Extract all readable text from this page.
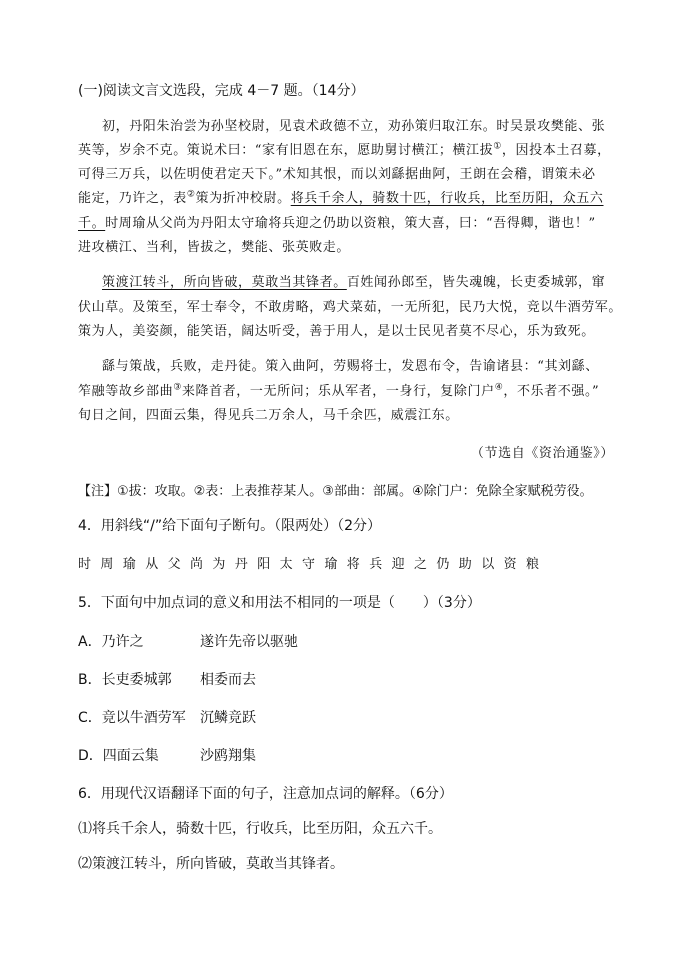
(一)阅读文言文选段，完成 4－7 题。（14分）
初，丹阳朱治尝为孙坚校尉，见袁术政德不立，劝孙策归取江东。时吴景攻樊能、张
英等，岁余不克。策说术曰：“家有旧恩在东，愿助舅讨横江；横江拔①，因投本土召募，
可得三万兵，以佐明使君定天下。”术知其恨，而以刘繇据曲阿，王朗在会稽，谓策未必
能定，乃许之，表②策为折冲校尉。将兵千余人，骑数十匹，行收兵，比至历阳，众五六
千。时周瑜从父尚为丹阳太守瑜将兵迎之仍助以资粮，策大喜，曰：“吾得卿，谐也！”
进攻横江、当利，皆拔之，樊能、张英败走。
策渡江转斗，所向皆破，莫敢当其锋者。百姓闻孙郎至，皆失魂魄，长吏委城郭，窜
伏山草。及策至，军士奉令，不敢虏略，鸡犬菜茹，一无所犯，民乃大悦，竞以牛酒劳军。
策为人，美姿颜，能笑语，阔达听受，善于用人，是以士民见者莫不尽心，乐为致死。
繇与策战，兵败，走丹徒。策入曲阿，劳赐将士，发恩布令，告谕诸县：“其刘繇、
笮融等故乡部曲③来降首者，一无所问；乐从军者，一身行，复除门户④，不乐者不强。”
旬日之间，四面云集，得见兵二万余人，马千余匹，威震江东。
（节选自《资治通鉴》）
【注】①拔：攻取。②表：上表推荐某人。③部曲：部属。④除门户：免除全家赋税劳役。
4．用斜线“/”给下面句子断句。（限两处）（2分）
时周瑜从父尚为丹阳太守瑜将兵迎之仍助以资粮
5．下面句中加点词的意义和用法不相同的一项是（　　）（3分）
A．乃许之	遂许先帝以驱驰
B．长吏委城郭 相委而去
C．竞以牛酒劳军 沉鳞竞跃
D．四面云集	沙鸥翔集
6．用现代汉语翻译下面的句子，注意加点词的解释。（6分）
⑴将兵千余人，骑数十匹，行收兵，比至历阳，众五六千。
⑵策渡江转斗，所向皆破，莫敢当其锋者。
